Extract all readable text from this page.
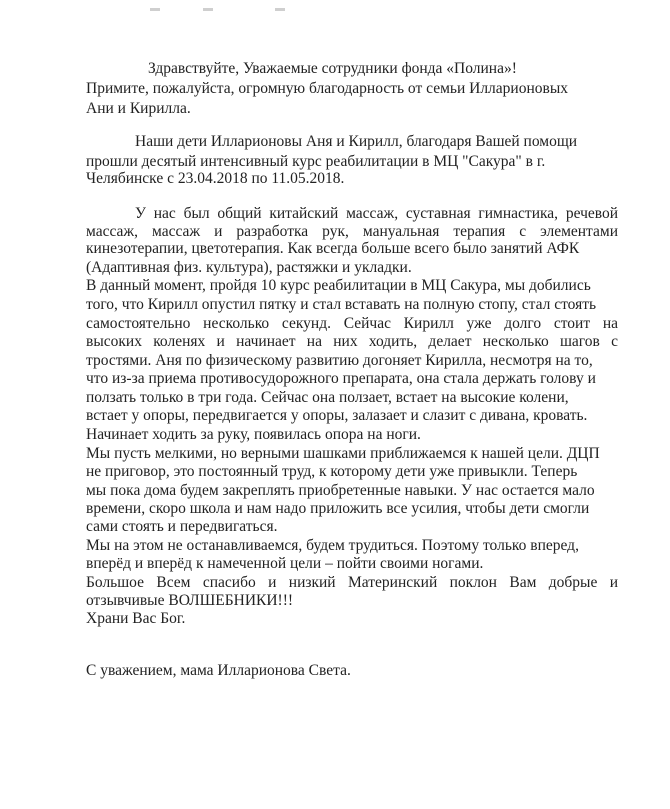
Здравствуйте, Уважаемые сотрудники фонда «Полина»!
Примите, пожалуйста, огромную благодарность от семьи Илларионовых
Ани и Кирилла.
Наши дети Илларионовы Аня и Кирилл, благодаря Вашей помощи
прошли десятый интенсивный курс реабилитации в МЦ "Сакура" в г.
Челябинске с 23.04.2018 по 11.05.2018.
У нас был общий китайский массаж, суставная гимнастика, речевой
массаж, массаж и разработка рук, мануальная терапия с элементами
кинезотерапии, цветотерапия. Как всегда больше всего было занятий АФК
(Адаптивная физ. культура), растяжки и укладки.
В данный момент, пройдя 10 курс реабилитации в МЦ Сакура, мы добились
того, что Кирилл опустил пятку и стал вставать на полную стопу, стал стоять
самостоятельно несколько секунд. Сейчас Кирилл уже долго стоит на
высоких коленях и начинает на них ходить, делает несколько шагов с
тростями. Аня по физическому развитию догоняет Кирилла, несмотря на то,
что из-за приема противосудорожного препарата, она стала держать голову и
ползать только в три года. Сейчас она ползает, встает на высокие колени,
встает у опоры, передвигается у опоры, залазает и слазит с дивана, кровать.
Начинает ходить за руку, появилась опора на ноги.
Мы пусть мелкими, но верными шашками приближаемся к нашей цели. ДЦП
не приговор, это постоянный труд, к которому дети уже привыкли. Теперь
мы пока дома будем закреплять приобретенные навыки. У нас остается мало
времени, скоро школа и нам надо приложить все усилия, чтобы дети смогли
сами стоять и передвигаться.
Мы на этом не останавливаемся, будем трудиться. Поэтому только вперед,
вперёд и вперёд к намеченной цели – пойти своими ногами.
Большое Всем спасибо и низкий Материнский поклон Вам добрые и
отзывчивые ВОЛШЕБНИКИ!!!
Храни Вас Бог.
С уважением, мама Илларионова Света.
